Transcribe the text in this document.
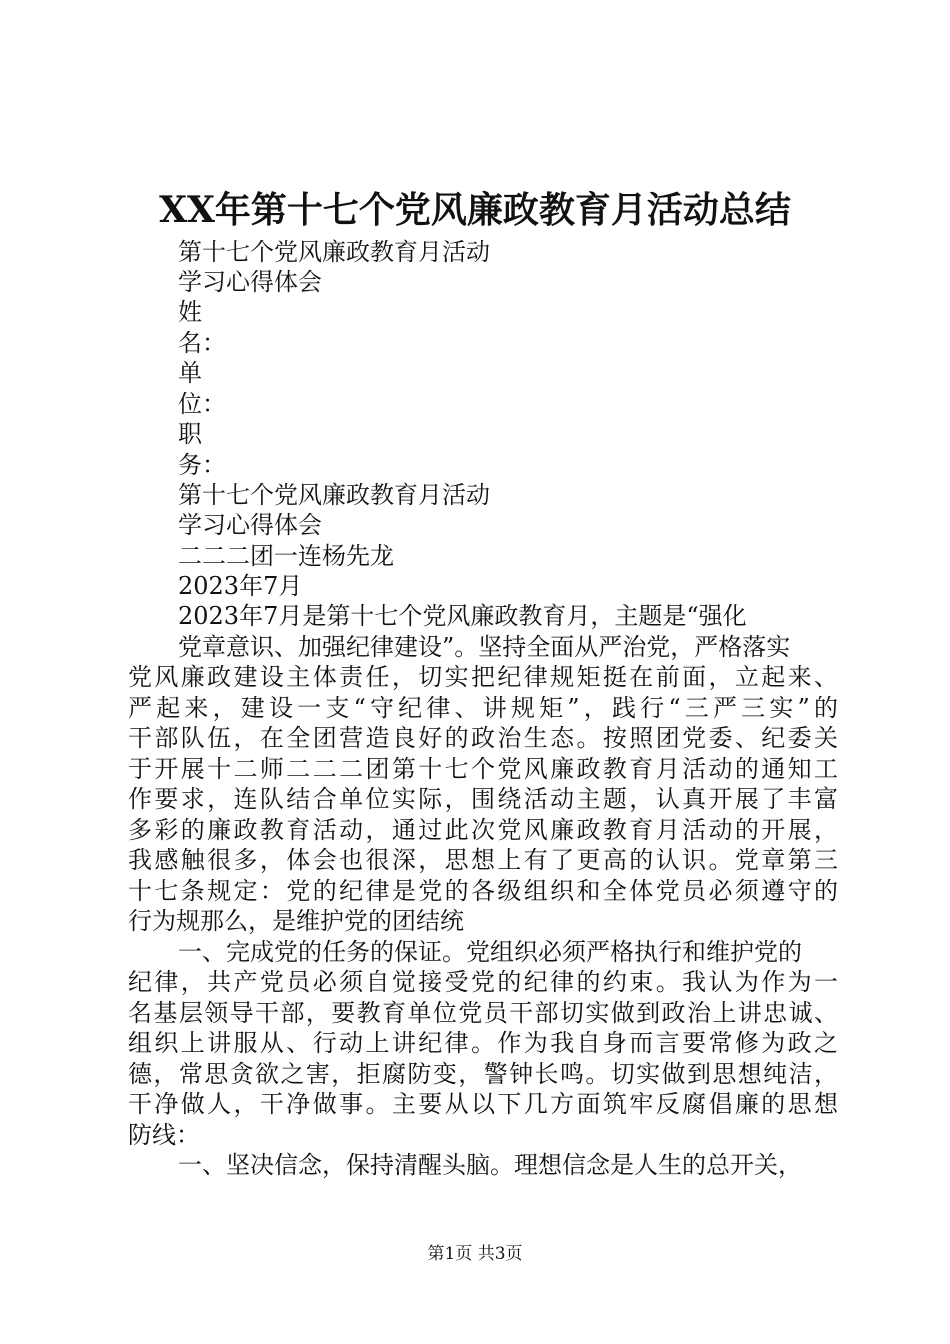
XX年第十七个党风廉政教育月活动总结
第十七个党风廉政教育月活动
学习心得体会
姓
名：
单
位：
职
务：
第十七个党风廉政教育月活动
学习心得体会
二二二团一连杨先龙
2023年7月
2023年7月是第十七个党风廉政教育月，主题是“强化
党章意识、加强纪律建设”。坚持全面从严治党，严格落实
党风廉政建设主体责任，切实把纪律规矩挺在前面，立起来、
严起来，建设一支“守纪律、讲规矩”，践行“三严三实”的
干部队伍，在全团营造良好的政治生态。按照团党委、纪委关
于开展十二师二二二团第十七个党风廉政教育月活动的通知工
作要求，连队结合单位实际，围绕活动主题，认真开展了丰富
多彩的廉政教育活动，通过此次党风廉政教育月活动的开展，
我感触很多，体会也很深，思想上有了更高的认识。党章第三
十七条规定：党的纪律是党的各级组织和全体党员必须遵守的
行为规那么，是维护党的团结统
一、完成党的任务的保证。党组织必须严格执行和维护党的
纪律，共产党员必须自觉接受党的纪律的约束。我认为作为一
名基层领导干部，要教育单位党员干部切实做到政治上讲忠诚、
组织上讲服从、行动上讲纪律。作为我自身而言要常修为政之
德，常思贪欲之害，拒腐防变，警钟长鸣。切实做到思想纯洁，
干净做人，干净做事。主要从以下几方面筑牢反腐倡廉的思想
防线：
一、坚决信念，保持清醒头脑。理想信念是人生的总开关，
第1页 共3页
